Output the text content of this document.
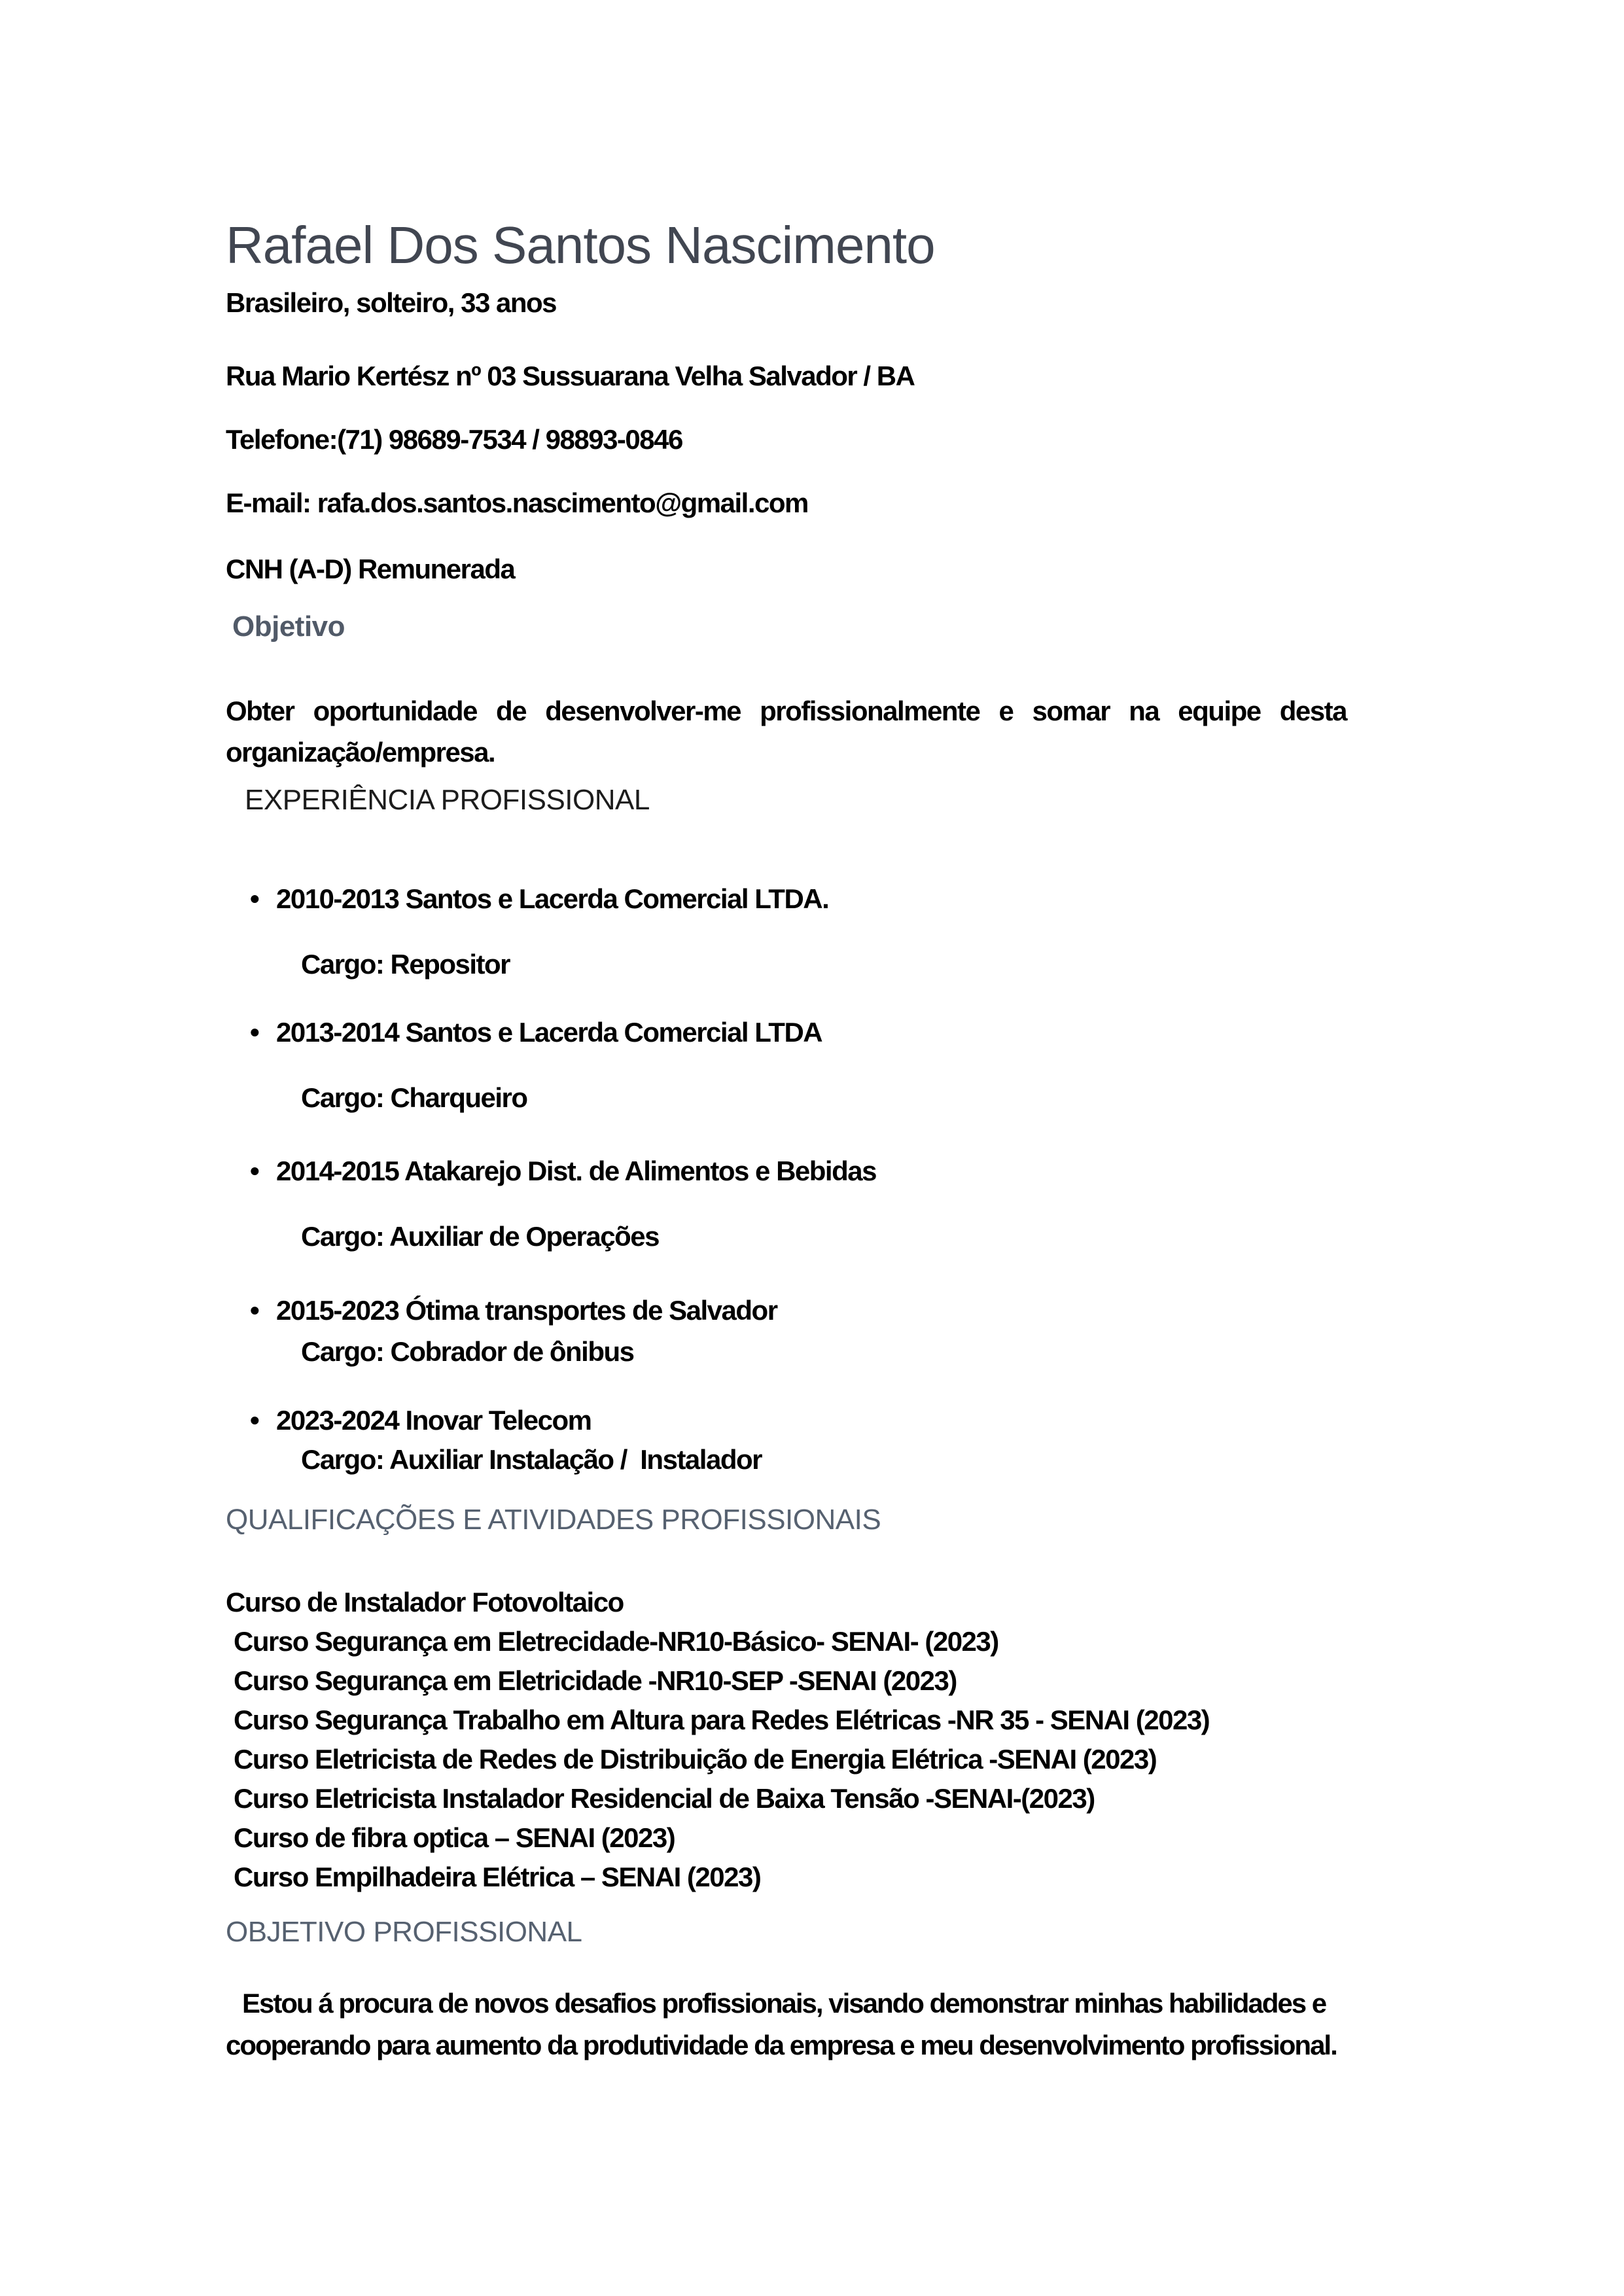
Rafael Dos Santos Nascimento

Brasileiro, solteiro, 33 anos

Rua Mario Kertész nº 03 Sussuarana Velha Salvador / BA

Telefone:(71) 98689-7534 / 98893-0846

E-mail: rafa.dos.santos.nascimento@gmail.com

CNH (A-D) Remunerada

Objetivo

Obter oportunidade de desenvolver-me profissionalmente e somar na equipe desta organização/empresa.

EXPERIÊNCIA PROFISSIONAL

• 2010-2013 Santos e Lacerda Comercial LTDA.

Cargo: Repositor

• 2013-2014 Santos e Lacerda Comercial LTDA

Cargo: Charqueiro

• 2014-2015 Atakarejo Dist. de Alimentos e Bebidas

Cargo: Auxiliar de Operações

• 2015-2023 Ótima transportes de Salvador

Cargo: Cobrador de ônibus

• 2023-2024 Inovar Telecom

Cargo: Auxiliar Instalação /  Instalador

QUALIFICAÇÕES E ATIVIDADES PROFISSIONAIS

Curso de Instalador Fotovoltaico

Curso Segurança em Eletrecidade-NR10-Básico- SENAI- (2023)

Curso Segurança em Eletricidade -NR10-SEP -SENAI (2023)

Curso Segurança Trabalho em Altura para Redes Elétricas -NR 35 - SENAI (2023)

Curso Eletricista de Redes de Distribuição de Energia Elétrica -SENAI (2023)

Curso Eletricista Instalador Residencial de Baixa Tensão -SENAI-(2023)

Curso de fibra optica – SENAI (2023)

Curso Empilhadeira Elétrica – SENAI (2023)

OBJETIVO PROFISSIONAL

Estou á procura de novos desafios profissionais, visando demonstrar minhas habilidades e cooperando para aumento da produtividade da empresa e meu desenvolvimento profissional.
